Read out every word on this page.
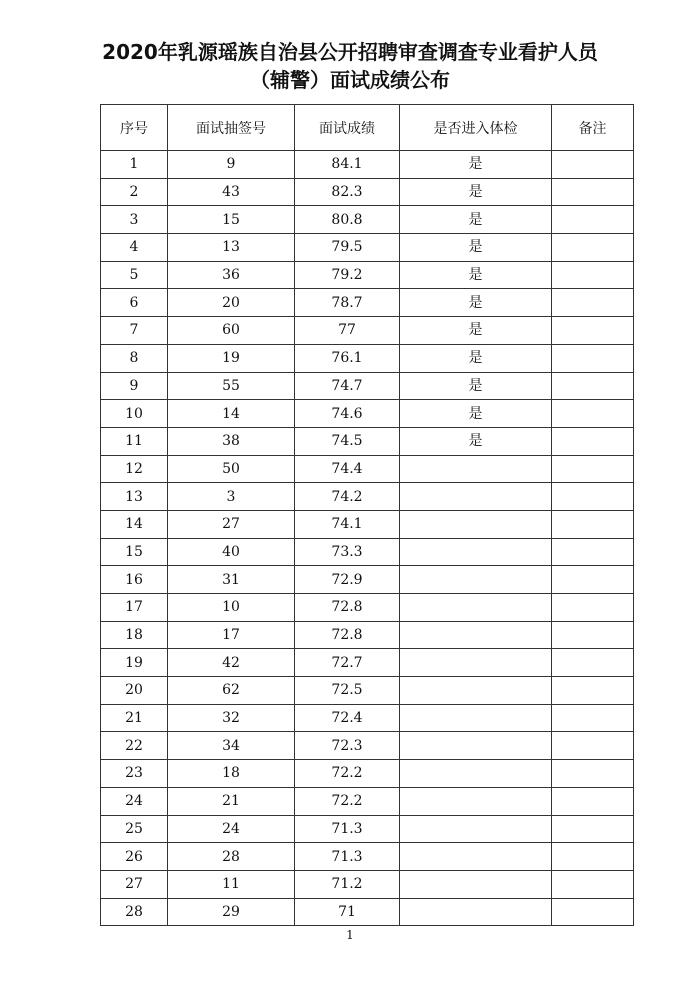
2020年乳源瑶族自治县公开招聘审查调查专业看护人员
（辅警）面试成绩公布
序号	面试抽签号	面试成绩	是否进入体检	备注
1	9	84.1	是	
2	43	82.3	是	
3	15	80.8	是	
4	13	79.5	是	
5	36	79.2	是	
6	20	78.7	是	
7	60	77	是	
8	19	76.1	是	
9	55	74.7	是	
10	14	74.6	是	
11	38	74.5	是	
12	50	74.4		
13	3	74.2		
14	27	74.1		
15	40	73.3		
16	31	72.9		
17	10	72.8		
18	17	72.8		
19	42	72.7		
20	62	72.5		
21	32	72.4		
22	34	72.3		
23	18	72.2		
24	21	72.2		
25	24	71.3		
26	28	71.3		
27	11	71.2		
28	29	71		
1
